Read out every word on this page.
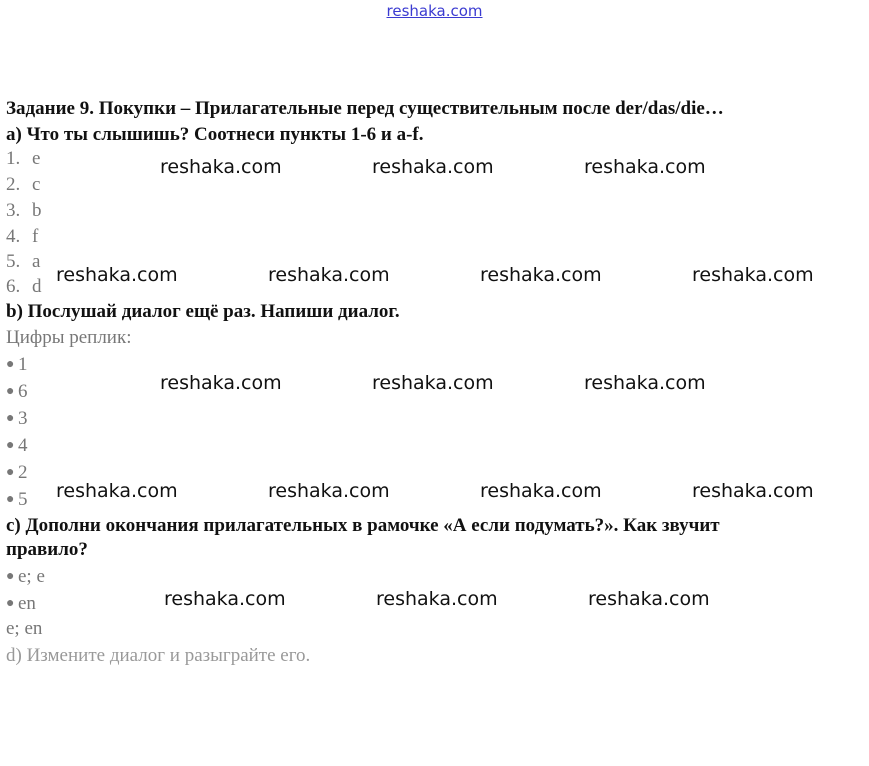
reshaka.com
Задание 9. Покупки – Прилагательные перед существительным после der/das/die…
a) Что ты слышишь? Соотнеси пункты 1-6 и a-f.
1. e
2. c
3. b
4. f
5. a
6. d
b) Послушай диалог ещё раз. Напиши диалог.
Цифры реплик:
● 1
● 6
● 3
● 4
● 2
● 5
c) Дополни окончания прилагательных в рамочке «А если подумать?». Как звучит
правило?
● e; e
● en
e; en
d) Измените диалог и разыграйте его.
reshaka.com	reshaka.com	reshaka.com
reshaka.com	reshaka.com	reshaka.com	reshaka.com
reshaka.com	reshaka.com	reshaka.com
reshaka.com	reshaka.com	reshaka.com	reshaka.com
reshaka.com	reshaka.com	reshaka.com
